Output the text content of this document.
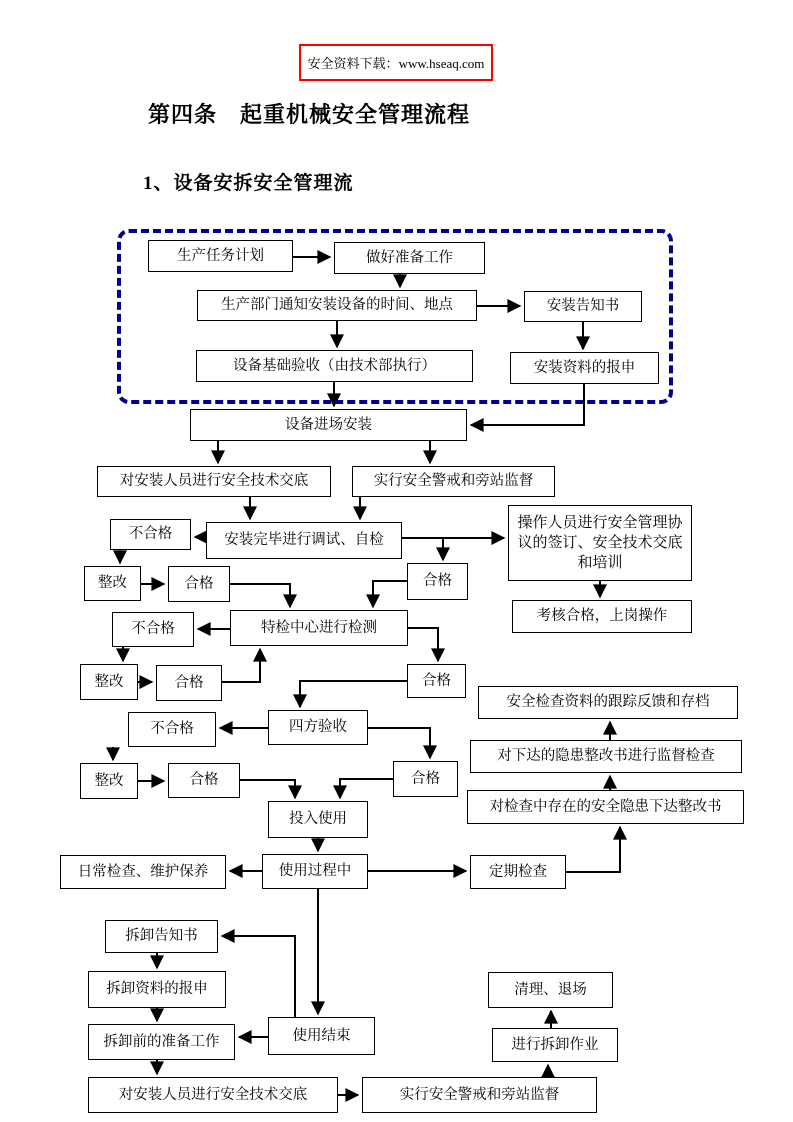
安全资料下载：www.hseaq.com
第四条　起重机械安全管理流程
1、设备安拆安全管理流
生产任务计划	做好准备工作
生产部门通知安装设备的时间、地点	安装告知书
设备基础验收（由技术部执行）	安装资料的报申
设备进场安装
对安装人员进行安全技术交底	实行安全警戒和旁站监督
不合格	安装完毕进行调试、自检
操作人员进行安全管理协议的签订、安全技术交底和培训
整改	合格	合格
考核合格，上岗操作
特检中心进行检测
不合格
整改	合格	合格
安全检查资料的跟踪反馈和存档
四方验收
不合格
对下达的隐患整改书进行监督检查
整改	合格	合格
对检查中存在的安全隐患下达整改书
投入使用
日常检查、维护保养	使用过程中	定期检查
拆卸告知书
拆卸资料的报申	清理、退场
拆卸前的准备工作	使用结束
进行拆卸作业
对安装人员进行安全技术交底	实行安全警戒和旁站监督
